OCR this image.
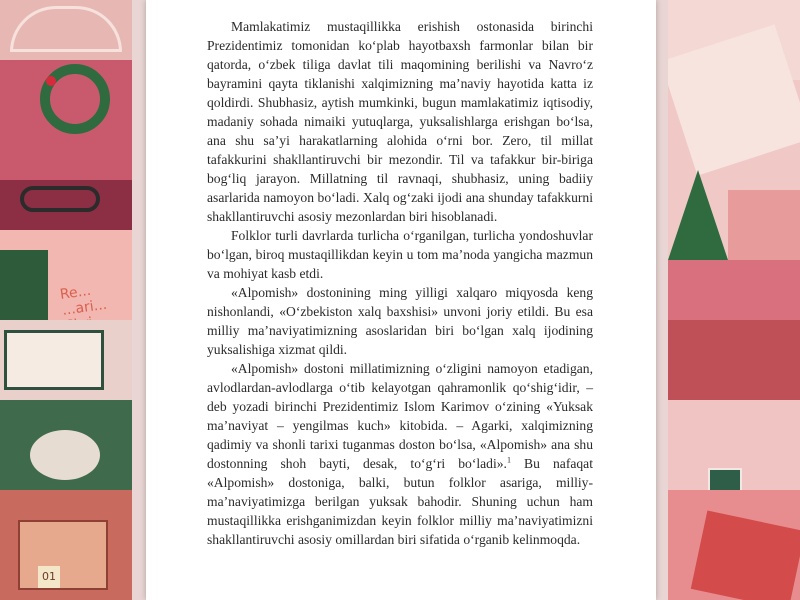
Re... ...ari...
01

Mamlakatimiz mustaqillikka erishish ostonasida birinchi Prezidentimiz tomonidan ko‘plab hayotbaxsh farmonlar bilan bir qatorda, o‘zbek tiliga davlat tili maqomining berilishi va Navro‘z bayramini qayta tiklanishi xalqimizning ma’naviy hayotida katta iz qoldirdi. Shubhasiz, aytish mumkinki, bugun mamlakatimiz iqtisodiy, madaniy sohada nimaiki yutuqlarga, yuksalishlarga erishgan bo‘lsa, ana shu sa’yi harakatlarning alohida o‘rni bor. Zero, til millat tafakkurini shakllantiruvchi bir mezondir. Til va tafakkur bir-biriga bog‘liq jarayon. Millatning til ravnaqi, shubhasiz, uning badiiy asarlarida namoyon bo‘ladi. Xalq og‘zaki ijodi ana shunday tafakkurni shakllantiruvchi asosiy mezonlardan biri hisoblanadi.

Folklor turli davrlarda turlicha o‘rganilgan, turlicha yondoshuvlar bo‘lgan, biroq mustaqillikdan keyin u tom ma’noda yangicha mazmun va mohiyat kasb etdi.

«Alpomish» dostonining ming yilligi xalqaro miqyosda keng nishonlandi, «O‘zbekiston xalq baxshisi» unvoni joriy etildi. Bu esa milliy ma’naviyatimizning asoslaridan biri bo‘lgan xalq ijodining yuksalishiga xizmat qildi.

«Alpomish» dostoni millatimizning o‘zligini namoyon etadigan, avlodlardan-avlodlarga o‘tib kelayotgan qahramonlik qo‘shig‘idir, – deb yozadi birinchi Prezidentimiz Islom Karimov o‘zining «Yuksak ma’naviyat – yengilmas kuch» kitobida. – Agarki, xalqimizning qadimiy va shonli tarixi tuganmas doston bo‘lsa, «Alpomish» ana shu dostonning shoh bayti, desak, to‘g‘ri bo‘ladi».$^1$ Bu nafaqat «Alpomish» dostoniga, balki, butun folklor asariga, milliy-ma’naviyatimizga berilgan yuksak bahodir. Shuning uchun ham mustaqillikka erishganimizdan keyin folklor milliy ma’naviyatimizni shakllantiruvchi asosiy omillardan biri sifatida o‘rganib kelinmoqda.
